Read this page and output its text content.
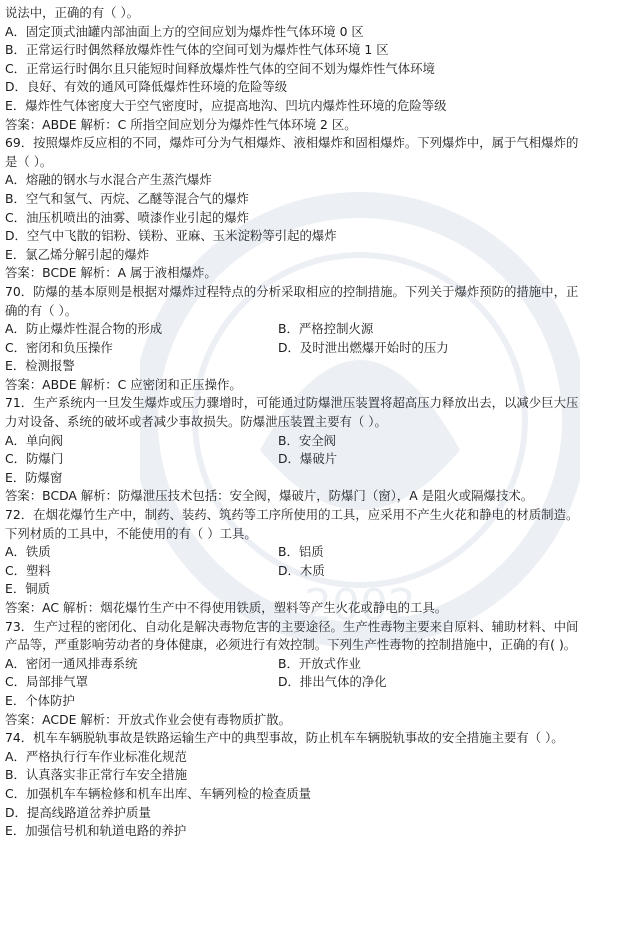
2002
说法中，正确的有（ ）。
A．固定顶式油罐内部油面上方的空间应划为爆炸性气体环境 0 区
B．正常运行时偶然释放爆炸性气体的空间可划为爆炸性气体环境 1 区
C．正常运行时偶尔且只能短时间释放爆炸性气体的空间不划为爆炸性气体环境
D．良好、有效的通风可降低爆炸性环境的危险等级
E．爆炸性气体密度大于空气密度时，应提高地沟、凹坑内爆炸性环境的危险等级
答案：ABDE 解析：C 所指空间应划分为爆炸性气体环境 2 区。
69．按照爆炸反应相的不同，爆炸可分为气相爆炸、液相爆炸和固相爆炸。下列爆炸中，属于气相爆炸的
是（ ）。
A．熔融的钢水与水混合产生蒸汽爆炸
B．空气和氢气、丙烷、乙醚等混合气的爆炸
C．油压机喷出的油雾、喷漆作业引起的爆炸
D．空气中飞散的铝粉、镁粉、亚麻、玉米淀粉等引起的爆炸
E．氯乙烯分解引起的爆炸
答案：BCDE 解析：A 属于液相爆炸。
70．防爆的基本原则是根据对爆炸过程特点的分析采取相应的控制措施。下列关于爆炸预防的措施中，正
确的有（ ）。
A．防止爆炸性混合物的形成	B．严格控制火源
C．密闭和负压操作	D．及时泄出燃爆开始时的压力
E．检测报警
答案：ABDE 解析：C 应密闭和正压操作。
71．生产系统内一旦发生爆炸或压力骤增时，可能通过防爆泄压装置将超高压力释放出去，以减少巨大压
力对设备、系统的破坏或者减少事故损失。防爆泄压装置主要有（ ）。
A．单向阀	B．安全阀
C．防爆门	D．爆破片
E．防爆窗
答案：BCDA 解析：防爆泄压技术包括：安全阀，爆破片，防爆门（窗），A 是阻火或隔爆技术。
72．在烟花爆竹生产中，制药、装药、筑药等工序所使用的工具，应采用不产生火花和静电的材质制造。
下列材质的工具中，不能使用的有（ ）工具。
A．铁质	B．铝质
C．塑料	D．木质
E．铜质
答案：AC 解析：烟花爆竹生产中不得使用铁质，塑料等产生火花或静电的工具。
73．生产过程的密闭化、自动化是解决毒物危害的主要途径。生产性毒物主要来自原料、辅助材料、中间
产品等，严重影响劳动者的身体健康，必须进行有效控制。下列生产性毒物的控制措施中，正确的有( )。
A．密闭一通风排毒系统	B．开放式作业
C．局部排气罩	D．排出气体的净化
E．个体防护
答案：ACDE 解析：开放式作业会使有毒物质扩散。
74．机车车辆脱轨事故是铁路运输生产中的典型事故，防止机车车辆脱轨事故的安全措施主要有（ ）。
A．严格执行行车作业标准化规范
B．认真落实非正常行车安全措施
C．加强机车车辆检修和机车出库、车辆列检的检查质量
D．提高线路道岔养护质量
E．加强信号机和轨道电路的养护
